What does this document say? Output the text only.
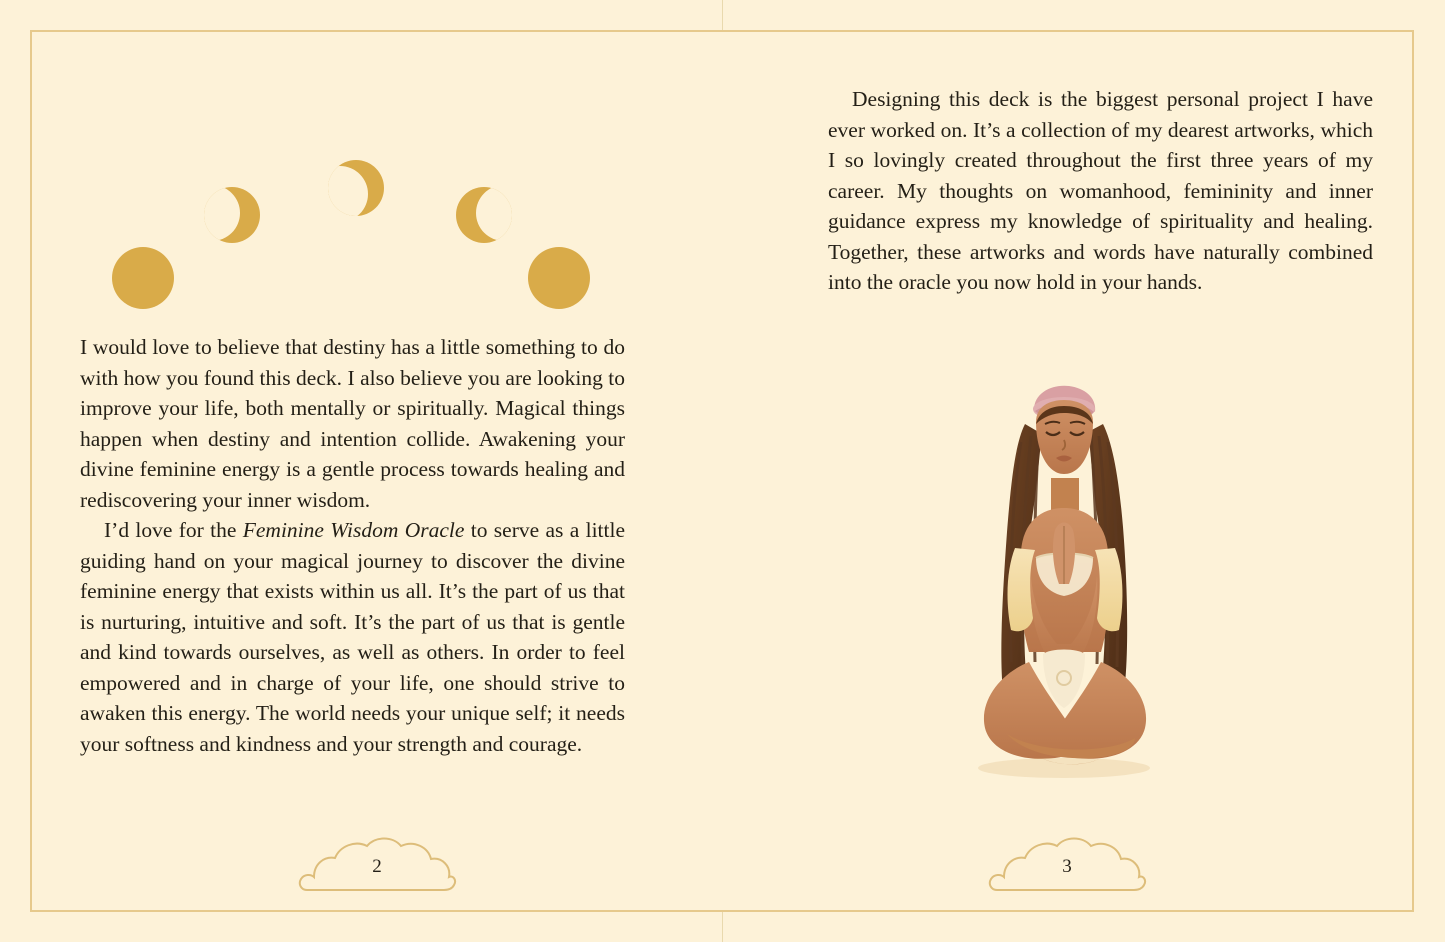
I would love to believe that destiny has a little something to do with how you found this deck. I also believe you are looking to improve your life, both mentally or spiritually. Magical things happen when destiny and intention collide. Awakening your divine feminine energy is a gentle process towards healing and rediscovering your inner wisdom.

I’d love for the Feminine Wisdom Oracle to serve as a little guiding hand on your magical journey to discover the divine feminine energy that exists within us all. It’s the part of us that is nurturing, intuitive and soft. It’s the part of us that is gentle and kind towards ourselves, as well as others. In order to feel empowered and in charge of your life, one should strive to awaken this energy. The world needs your unique self; it needs your softness and kindness and your strength and courage.

2

Designing this deck is the biggest personal project I have ever worked on. It’s a collection of my dearest artworks, which I so lovingly created throughout the first three years of my career. My thoughts on womanhood, femininity and inner guidance express my knowledge of spirituality and healing. Together, these artworks and words have naturally combined into the oracle you now hold in your hands.

3
